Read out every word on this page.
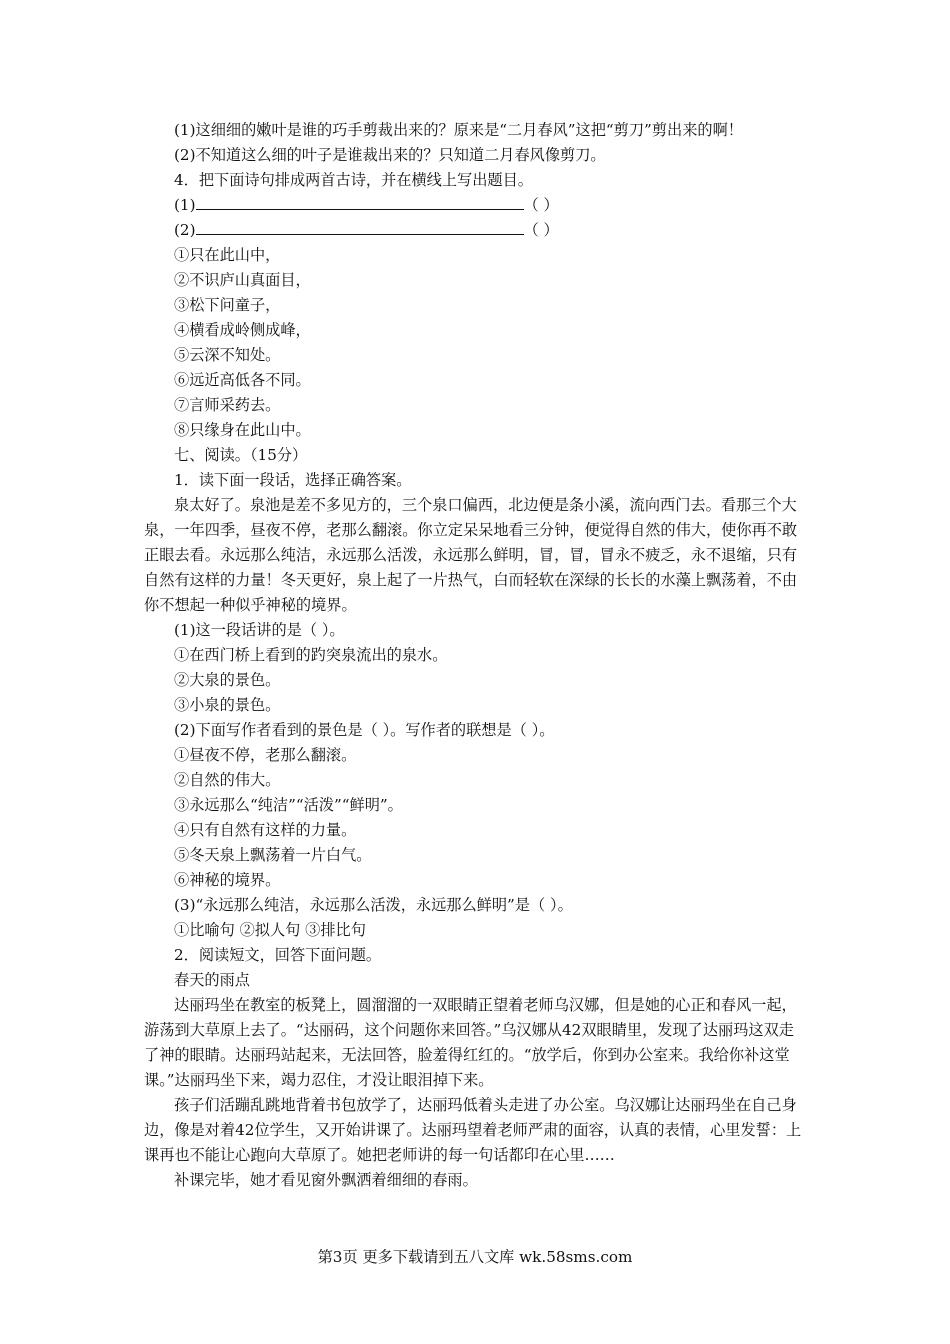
(1)这细细的嫩叶是谁的巧手剪裁出来的？原来是“二月春风”这把“剪刀”剪出来的啊！

(2)不知道这么细的叶子是谁裁出来的？只知道二月春风像剪刀。

4．把下面诗句排成两首古诗，并在横线上写出题目。

(1)	（ ）

(2)	（ ）

①只在此山中，

②不识庐山真面目，

③松下问童子，

④横看成岭侧成峰，

⑤云深不知处。

⑥远近高低各不同。

⑦言师采药去。

⑧只缘身在此山中。

七、阅读。（15分）

1．读下面一段话，选择正确答案。

泉太好了。泉池是差不多见方的，三个泉口偏西，北边便是条小溪，流向西门去。看那三个大泉，一年四季，昼夜不停，老那么翻滚。你立定呆呆地看三分钟，便觉得自然的伟大，使你再不敢正眼去看。永远那么纯洁，永远那么活泼，永远那么鲜明，冒，冒，冒永不疲乏，永不退缩，只有自然有这样的力量！冬天更好，泉上起了一片热气，白而轻软在深绿的长长的水藻上飘荡着，不由你不想起一种似乎神秘的境界。

(1)这一段话讲的是（ ）。

①在西门桥上看到的趵突泉流出的泉水。

②大泉的景色。

③小泉的景色。

(2)下面写作者看到的景色是（ ）。写作者的联想是（ ）。

①昼夜不停，老那么翻滚。

②自然的伟大。

③永远那么“纯洁”“活泼”“鲜明”。

④只有自然有这样的力量。

⑤冬天泉上飘荡着一片白气。

⑥神秘的境界。

(3)“永远那么纯洁，永远那么活泼，永远那么鲜明”是（ ）。

①比喻句 ②拟人句 ③排比句

2．阅读短文，回答下面问题。

春天的雨点

达丽玛坐在教室的板凳上，圆溜溜的一双眼睛正望着老师乌汉娜，但是她的心正和春风一起，游荡到大草原上去了。“达丽码，这个问题你来回答。”乌汉娜从42双眼睛里，发现了达丽玛这双走了神的眼睛。达丽玛站起来，无法回答，脸羞得红红的。“放学后，你到办公室来。我给你补这堂课。”达丽玛坐下来，竭力忍住，才没让眼泪掉下来。

孩子们活蹦乱跳地背着书包放学了，达丽玛低着头走进了办公室。乌汉娜让达丽玛坐在自己身边，像是对着42位学生，又开始讲课了。达丽玛望着老师严肃的面容，认真的表情，心里发誓：上课再也不能让心跑向大草原了。她把老师讲的每一句话都印在心里……

补课完毕，她才看见窗外飘洒着细细的春雨。

第3页 更多下载请到五八文库 wk.58sms.com
